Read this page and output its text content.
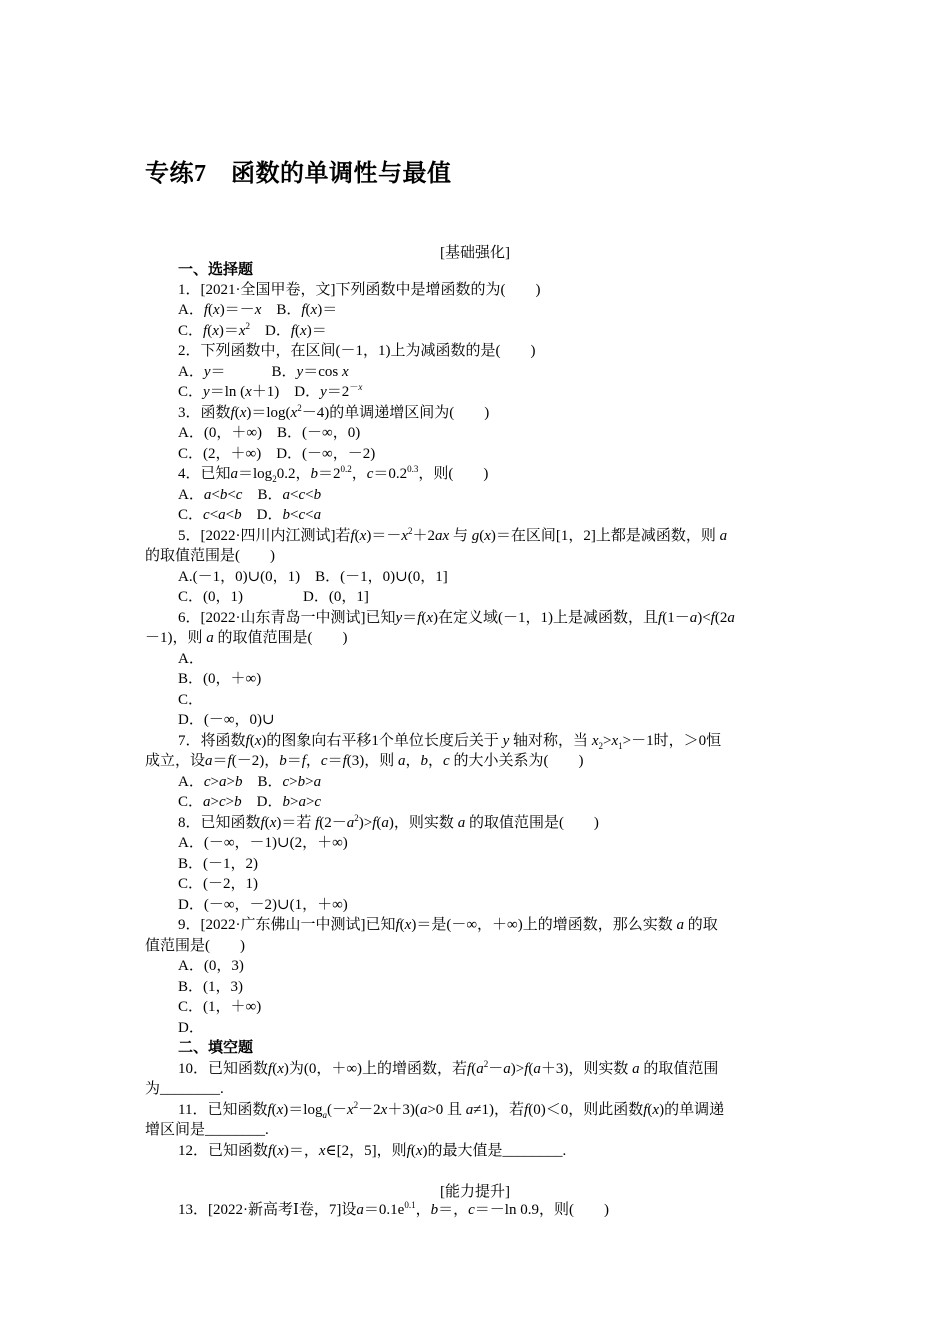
专练7　函数的单调性与最值
[基础强化]
一、选择题
1．[2021·全国甲卷，文]下列函数中是增函数的为(　　)
A．f(x)＝－x　B．f(x)＝
C．$f(x)=x^2$　D．f(x)＝
2．下列函数中，在区间(－1，1)上为减函数的是(　　)
A．y＝	B．y＝cos x
C．y＝ln (x＋1)　D．$y=2^{-x}$
3．函数$f(x)=\log(x^2-4)$的单调递增区间为(　　)
A．(0，＋∞)　B．(－∞，0)
C．(2，＋∞)　D．(－∞，－2)
4．已知$a=\log_20.2$，$b=2^{0.2}$，$c=0.2^{0.3}$，则(　　)
A．a<b<c　B．a<c<b
C．c<a<b　D．b<c<a
5．[2022·四川内江测试]若$f(x)=-x^2+2ax$ 与 g(x)＝在区间[1，2]上都是减函数，则 a
的取值范围是(　　)
A.(－1，0)∪(0，1)　B．(－1，0)∪(0，1]
C．(0，1)　　　　D．(0，1]
6．[2022·山东青岛一中测试]已知y＝f(x)在定义域(－1，1)上是减函数，且f(1－a)<f(2a
－1)，则 a 的取值范围是(　　)
A．
B．(0，＋∞)
C．
D．(－∞，0)∪
7．将函数f(x)的图象向右平移1个单位长度后关于 y 轴对称，当 $x_2>x_1>-1$时，＞0恒
成立，设a＝f(－2)，b＝f，c＝f(3)，则 a，b，c 的大小关系为(　　)
A．c>a>b　B．c>b>a
C．a>c>b　D．b>a>c
8．已知函数f(x)＝若 $f(2-a^2)>f(a)$，则实数 a 的取值范围是(　　)
A．(－∞，－1)∪(2，＋∞)
B．(－1，2)
C．(－2，1)
D．(－∞，－2)∪(1，＋∞)
9．[2022·广东佛山一中测试]已知f(x)＝是(－∞，＋∞)上的增函数，那么实数 a 的取
值范围是(　　)
A．(0，3)
B．(1，3)
C．(1，＋∞)
D．
二、填空题
10．已知函数f(x)为(0，＋∞)上的增函数，若$f(a^2-a)>f(a+3)$，则实数 a 的取值范围
为________.
11．已知函数$f(x)=\log_a(-x^2-2x+3)(a>0$ 且 a≠1)，若f(0)＜0，则此函数f(x)的单调递
增区间是________.
12．已知函数f(x)＝，x∈[2，5]，则f(x)的最大值是________.
[能力提升]
13．[2022·新高考Ⅰ卷，7]设$a=0.1e^{0.1}$，b＝，c＝－ln 0.9，则(　　)
